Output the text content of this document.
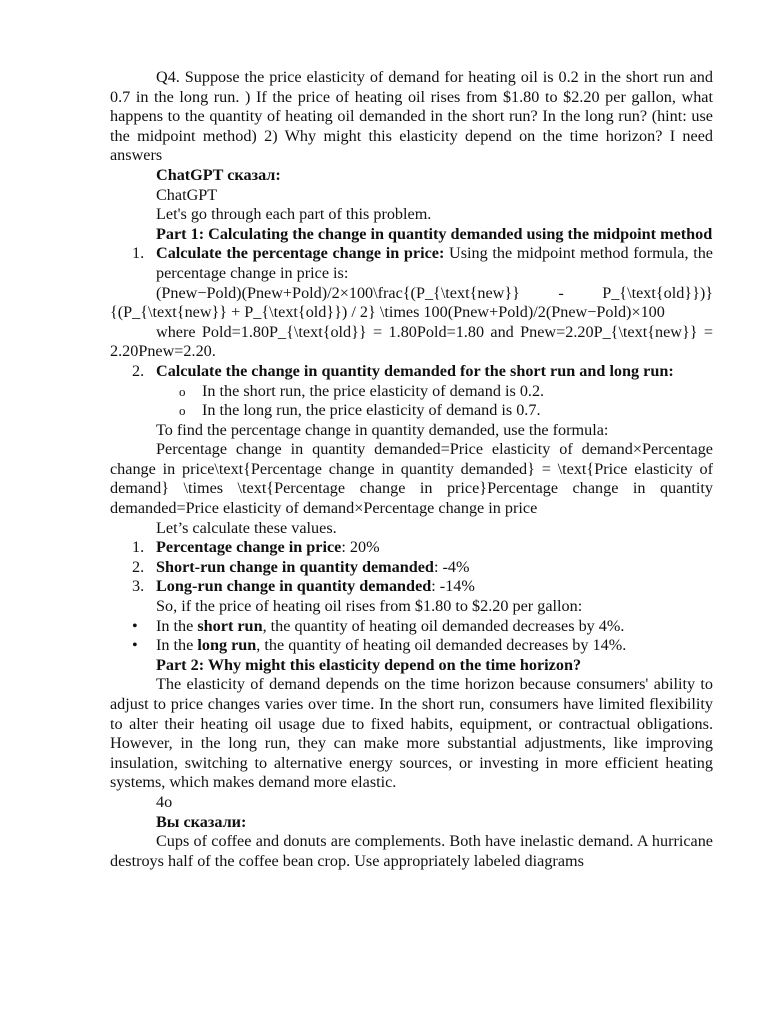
Q4. Suppose the price elasticity of demand for heating oil is 0.2 in the short run and 0.7 in the long run. ) If the price of heating oil rises from $1.80 to $2.20 per gallon, what happens to the quantity of heating oil demanded in the short run? In the long run? (hint: use the midpoint method) 2) Why might this elasticity depend on the time horizon? I need answers

ChatGPT сказал:

ChatGPT

Let's go through each part of this problem.

Part 1: Calculating the change in quantity demanded using the midpoint method

1. Calculate the percentage change in price: Using the midpoint method formula, the percentage change in price is:

(Pnew−Pold)(Pnew+Pold)/2×100\frac{(P_{\text{new}} - P_{\text{old}})}{(P_{\text{new}} + P_{\text{old}}) / 2} \times 100(Pnew+Pold)/2(Pnew−Pold)×100

where Pold=1.80P_{\text{old}} = 1.80Pold=1.80 and Pnew=2.20P_{\text{new}} = 2.20Pnew=2.20.

2. Calculate the change in quantity demanded for the short run and long run:
o In the short run, the price elasticity of demand is 0.2.
o In the long run, the price elasticity of demand is 0.7.

To find the percentage change in quantity demanded, use the formula:

Percentage change in quantity demanded=Price elasticity of demand×Percentage change in price\text{Percentage change in quantity demanded} = \text{Price elasticity of demand} \times \text{Percentage change in price}Percentage change in quantity demanded=Price elasticity of demand×Percentage change in price

Let’s calculate these values.

1. Percentage change in price: 20%
2. Short-run change in quantity demanded: -4%
3. Long-run change in quantity demanded: -14%

So, if the price of heating oil rises from $1.80 to $2.20 per gallon:

• In the short run, the quantity of heating oil demanded decreases by 4%.
• In the long run, the quantity of heating oil demanded decreases by 14%.

Part 2: Why might this elasticity depend on the time horizon?

The elasticity of demand depends on the time horizon because consumers' ability to adjust to price changes varies over time. In the short run, consumers have limited flexibility to alter their heating oil usage due to fixed habits, equipment, or contractual obligations. However, in the long run, they can make more substantial adjustments, like improving insulation, switching to alternative energy sources, or investing in more efficient heating systems, which makes demand more elastic.

4o

Вы сказали:

Cups of coffee and donuts are complements. Both have inelastic demand. A hurricane destroys half of the coffee bean crop. Use appropriately labeled diagrams
